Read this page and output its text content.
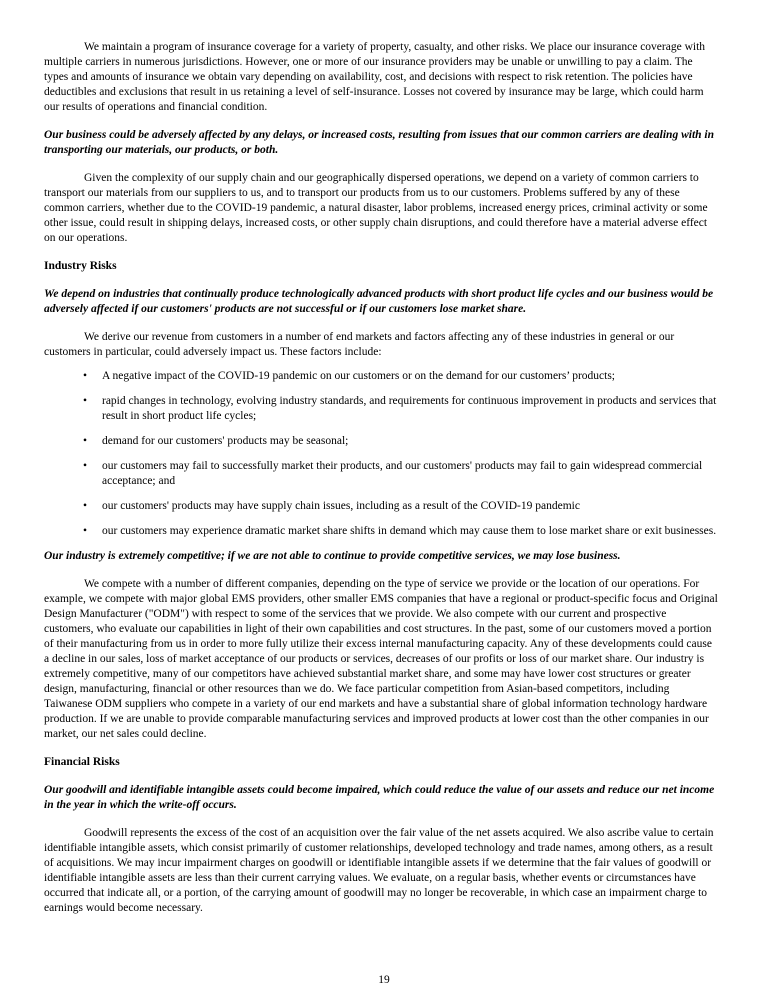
We maintain a program of insurance coverage for a variety of property, casualty, and other risks. We place our insurance coverage with multiple carriers in numerous jurisdictions. However, one or more of our insurance providers may be unable or unwilling to pay a claim. The types and amounts of insurance we obtain vary depending on availability, cost, and decisions with respect to risk retention. The policies have deductibles and exclusions that result in us retaining a level of self-insurance. Losses not covered by insurance may be large, which could harm our results of operations and financial condition.

Our business could be adversely affected by any delays, or increased costs, resulting from issues that our common carriers are dealing with in transporting our materials, our products, or both.

Given the complexity of our supply chain and our geographically dispersed operations, we depend on a variety of common carriers to transport our materials from our suppliers to us, and to transport our products from us to our customers. Problems suffered by any of these common carriers, whether due to the COVID-19 pandemic, a natural disaster, labor problems, increased energy prices, criminal activity or some other issue, could result in shipping delays, increased costs, or other supply chain disruptions, and could therefore have a material adverse effect on our operations.

Industry Risks

We depend on industries that continually produce technologically advanced products with short product life cycles and our business would be adversely affected if our customers' products are not successful or if our customers lose market share.

We derive our revenue from customers in a number of end markets and factors affecting any of these industries in general or our customers in particular, could adversely impact us. These factors include:

• A negative impact of the COVID-19 pandemic on our customers or on the demand for our customers’ products;
• rapid changes in technology, evolving industry standards, and requirements for continuous improvement in products and services that result in short product life cycles;
• demand for our customers' products may be seasonal;
• our customers may fail to successfully market their products, and our customers' products may fail to gain widespread commercial acceptance; and
• our customers' products may have supply chain issues, including as a result of the COVID-19 pandemic
• our customers may experience dramatic market share shifts in demand which may cause them to lose market share or exit businesses.

Our industry is extremely competitive; if we are not able to continue to provide competitive services, we may lose business.

We compete with a number of different companies, depending on the type of service we provide or the location of our operations. For example, we compete with major global EMS providers, other smaller EMS companies that have a regional or product-specific focus and Original Design Manufacturer ("ODM") with respect to some of the services that we provide. We also compete with our current and prospective customers, who evaluate our capabilities in light of their own capabilities and cost structures. In the past, some of our customers moved a portion of their manufacturing from us in order to more fully utilize their excess internal manufacturing capacity. Any of these developments could cause a decline in our sales, loss of market acceptance of our products or services, decreases of our profits or loss of our market share. Our industry is extremely competitive, many of our competitors have achieved substantial market share, and some may have lower cost structures or greater design, manufacturing, financial or other resources than we do. We face particular competition from Asian-based competitors, including Taiwanese ODM suppliers who compete in a variety of our end markets and have a substantial share of global information technology hardware production. If we are unable to provide comparable manufacturing services and improved products at lower cost than the other companies in our market, our net sales could decline.

Financial Risks

Our goodwill and identifiable intangible assets could become impaired, which could reduce the value of our assets and reduce our net income in the year in which the write-off occurs.

Goodwill represents the excess of the cost of an acquisition over the fair value of the net assets acquired. We also ascribe value to certain identifiable intangible assets, which consist primarily of customer relationships, developed technology and trade names, among others, as a result of acquisitions. We may incur impairment charges on goodwill or identifiable intangible assets if we determine that the fair values of goodwill or identifiable intangible assets are less than their current carrying values. We evaluate, on a regular basis, whether events or circumstances have occurred that indicate all, or a portion, of the carrying amount of goodwill may no longer be recoverable, in which case an impairment charge to earnings would become necessary.

19
